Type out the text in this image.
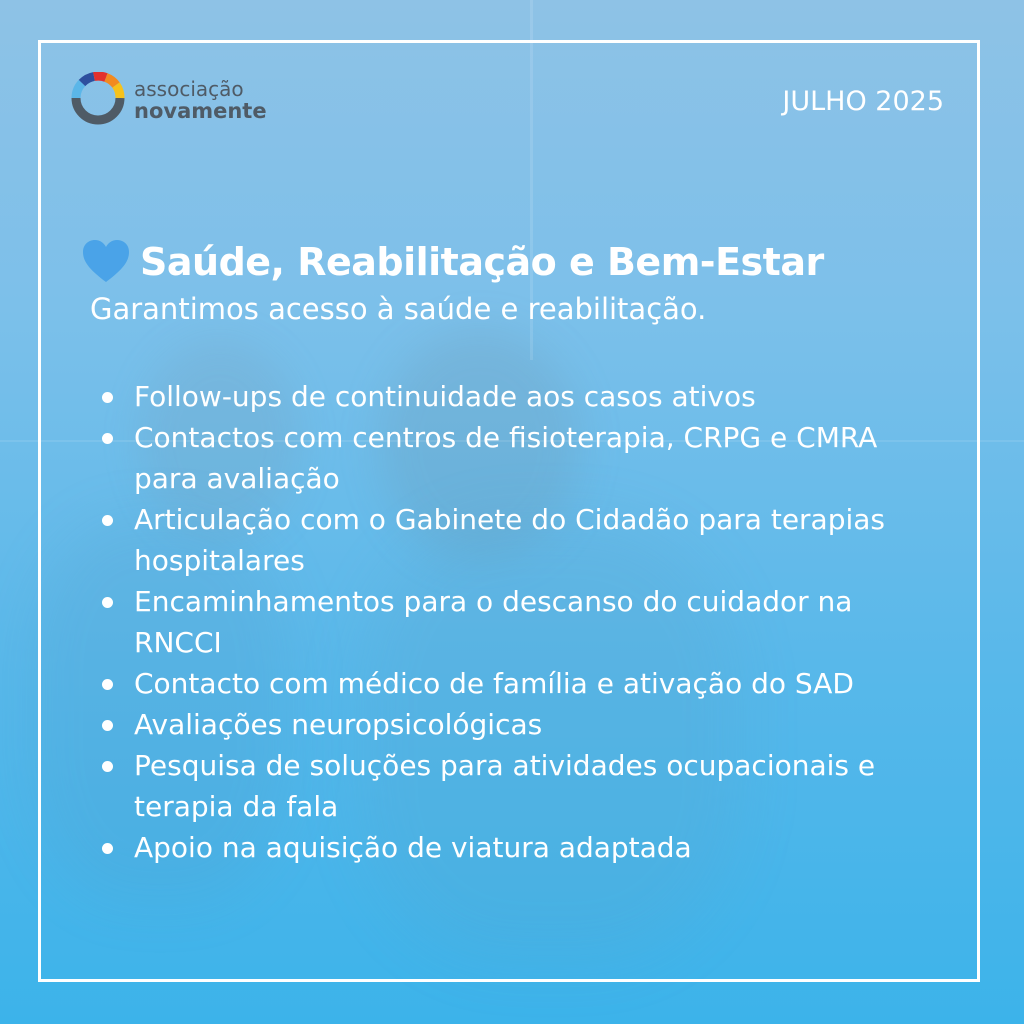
associação
novamente	JULHO 2025
Saúde, Reabilitação e Bem-Estar
Garantimos acesso à saúde e reabilitação.
Follow-ups de continuidade aos casos ativos
Contactos com centros de fisioterapia, CRPG e CMRA para avaliação
Articulação com o Gabinete do Cidadão para terapias hospitalares
Encaminhamentos para o descanso do cuidador na RNCCI
Contacto com médico de família e ativação do SAD
Avaliações neuropsicológicas
Pesquisa de soluções para atividades ocupacionais e terapia da fala
Apoio na aquisição de viatura adaptada
